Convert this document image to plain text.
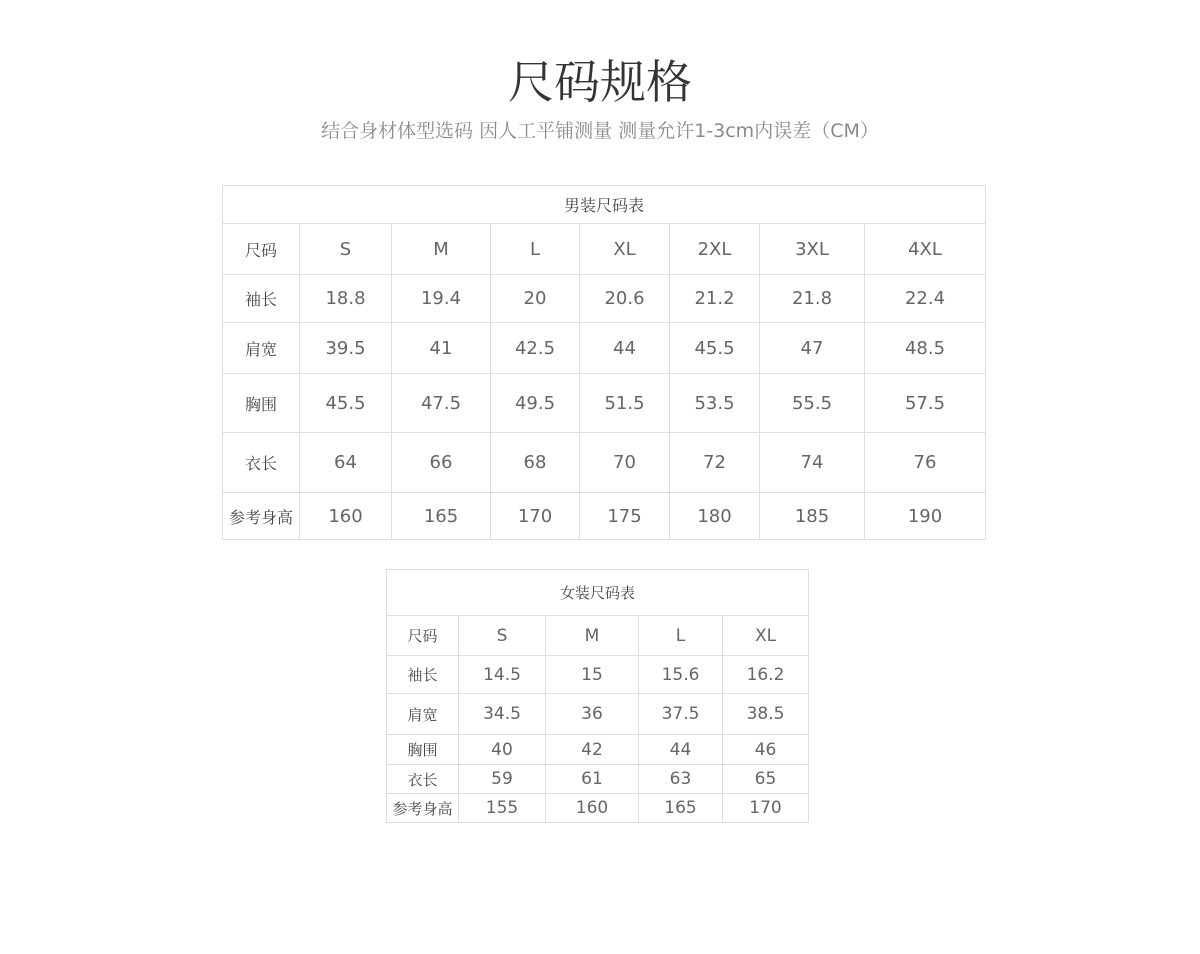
尺码规格

结合身材体型选码 因人工平铺测量 测量允许1-3cm内误差（CM）

男装尺码表							
尺码	S	M	L	XL	2XL	3XL	4XL
袖长	18.8	19.4	20	20.6	21.2	21.8	22.4
肩宽	39.5	41	42.5	44	45.5	47	48.5
胸围	45.5	47.5	49.5	51.5	53.5	55.5	57.5
衣长	64	66	68	70	72	74	76
参考身高	160	165	170	175	180	185	190
女装尺码表				
尺码	S	M	L	XL
袖长	14.5	15	15.6	16.2
肩宽	34.5	36	37.5	38.5
胸围	40	42	44	46
衣长	59	61	63	65
参考身高	155	160	165	170
